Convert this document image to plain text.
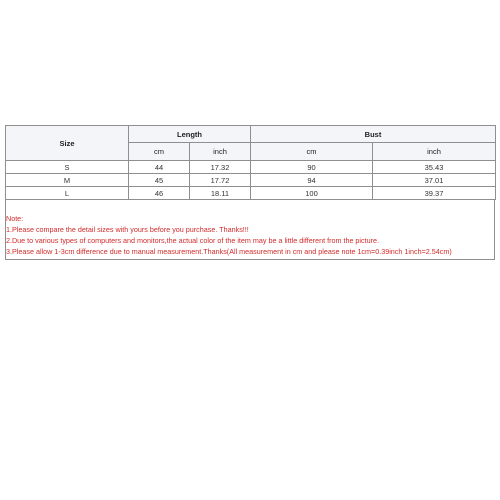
Size	Length		Bust	
	cm	inch	cm	inch
S	44	17.32	90	35.43
M	45	17.72	94	37.01
L	46	18.11	100	39.37
Note:
1.Please compare the detail sizes with yours before you purchase. Thanks!!!
2.Due to various types of computers and monitors,the actual color of the item may be a little different from the picture.
3.Please allow 1-3cm difference due to manual measurement.Thanks(All measurement in cm and please note 1cm=0.39inch 1inch=2.54cm)
